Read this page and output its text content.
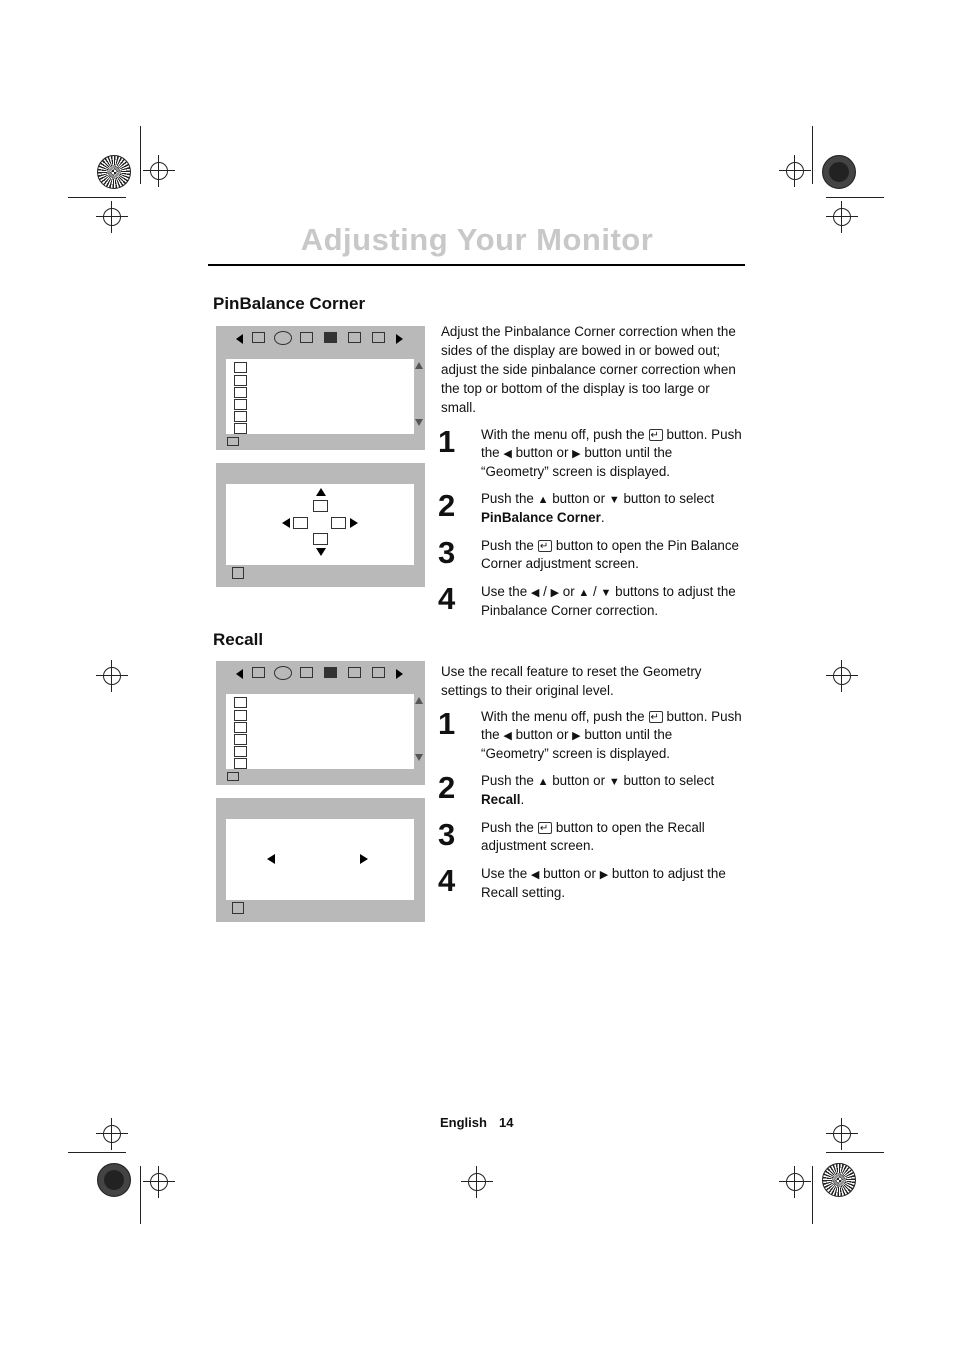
Adjusting Your Monitor
PinBalance Corner
Adjust the Pinbalance Corner correction when the sides of the display are bowed in or bowed out; adjust the side pinbalance corner correction when the top or bottom of the display is too large or small.
1	With the menu off, push the ↵ button. Push the ◀ button or ▶ button until the “Geometry” screen is displayed.
2	Push the ▲ button or ▼ button to select
PinBalance Corner.
3	Push the ↵ button to open the Pin Balance Corner adjustment screen.
4	Use the ◀ / ▶ or ▲ / ▼ buttons to adjust the Pinbalance Corner correction.
Recall
Use the recall feature to reset the Geometry settings to their original level.
1	With the menu off, push the ↵ button. Push the ◀ button or ▶ button until the “Geometry” screen is displayed.
2	Push the ▲ button or ▼ button to select
Recall.
3	Push the ↵ button to open the Recall adjustment screen.
4	Use the ◀ button or ▶ button to adjust the Recall setting.
English 14
